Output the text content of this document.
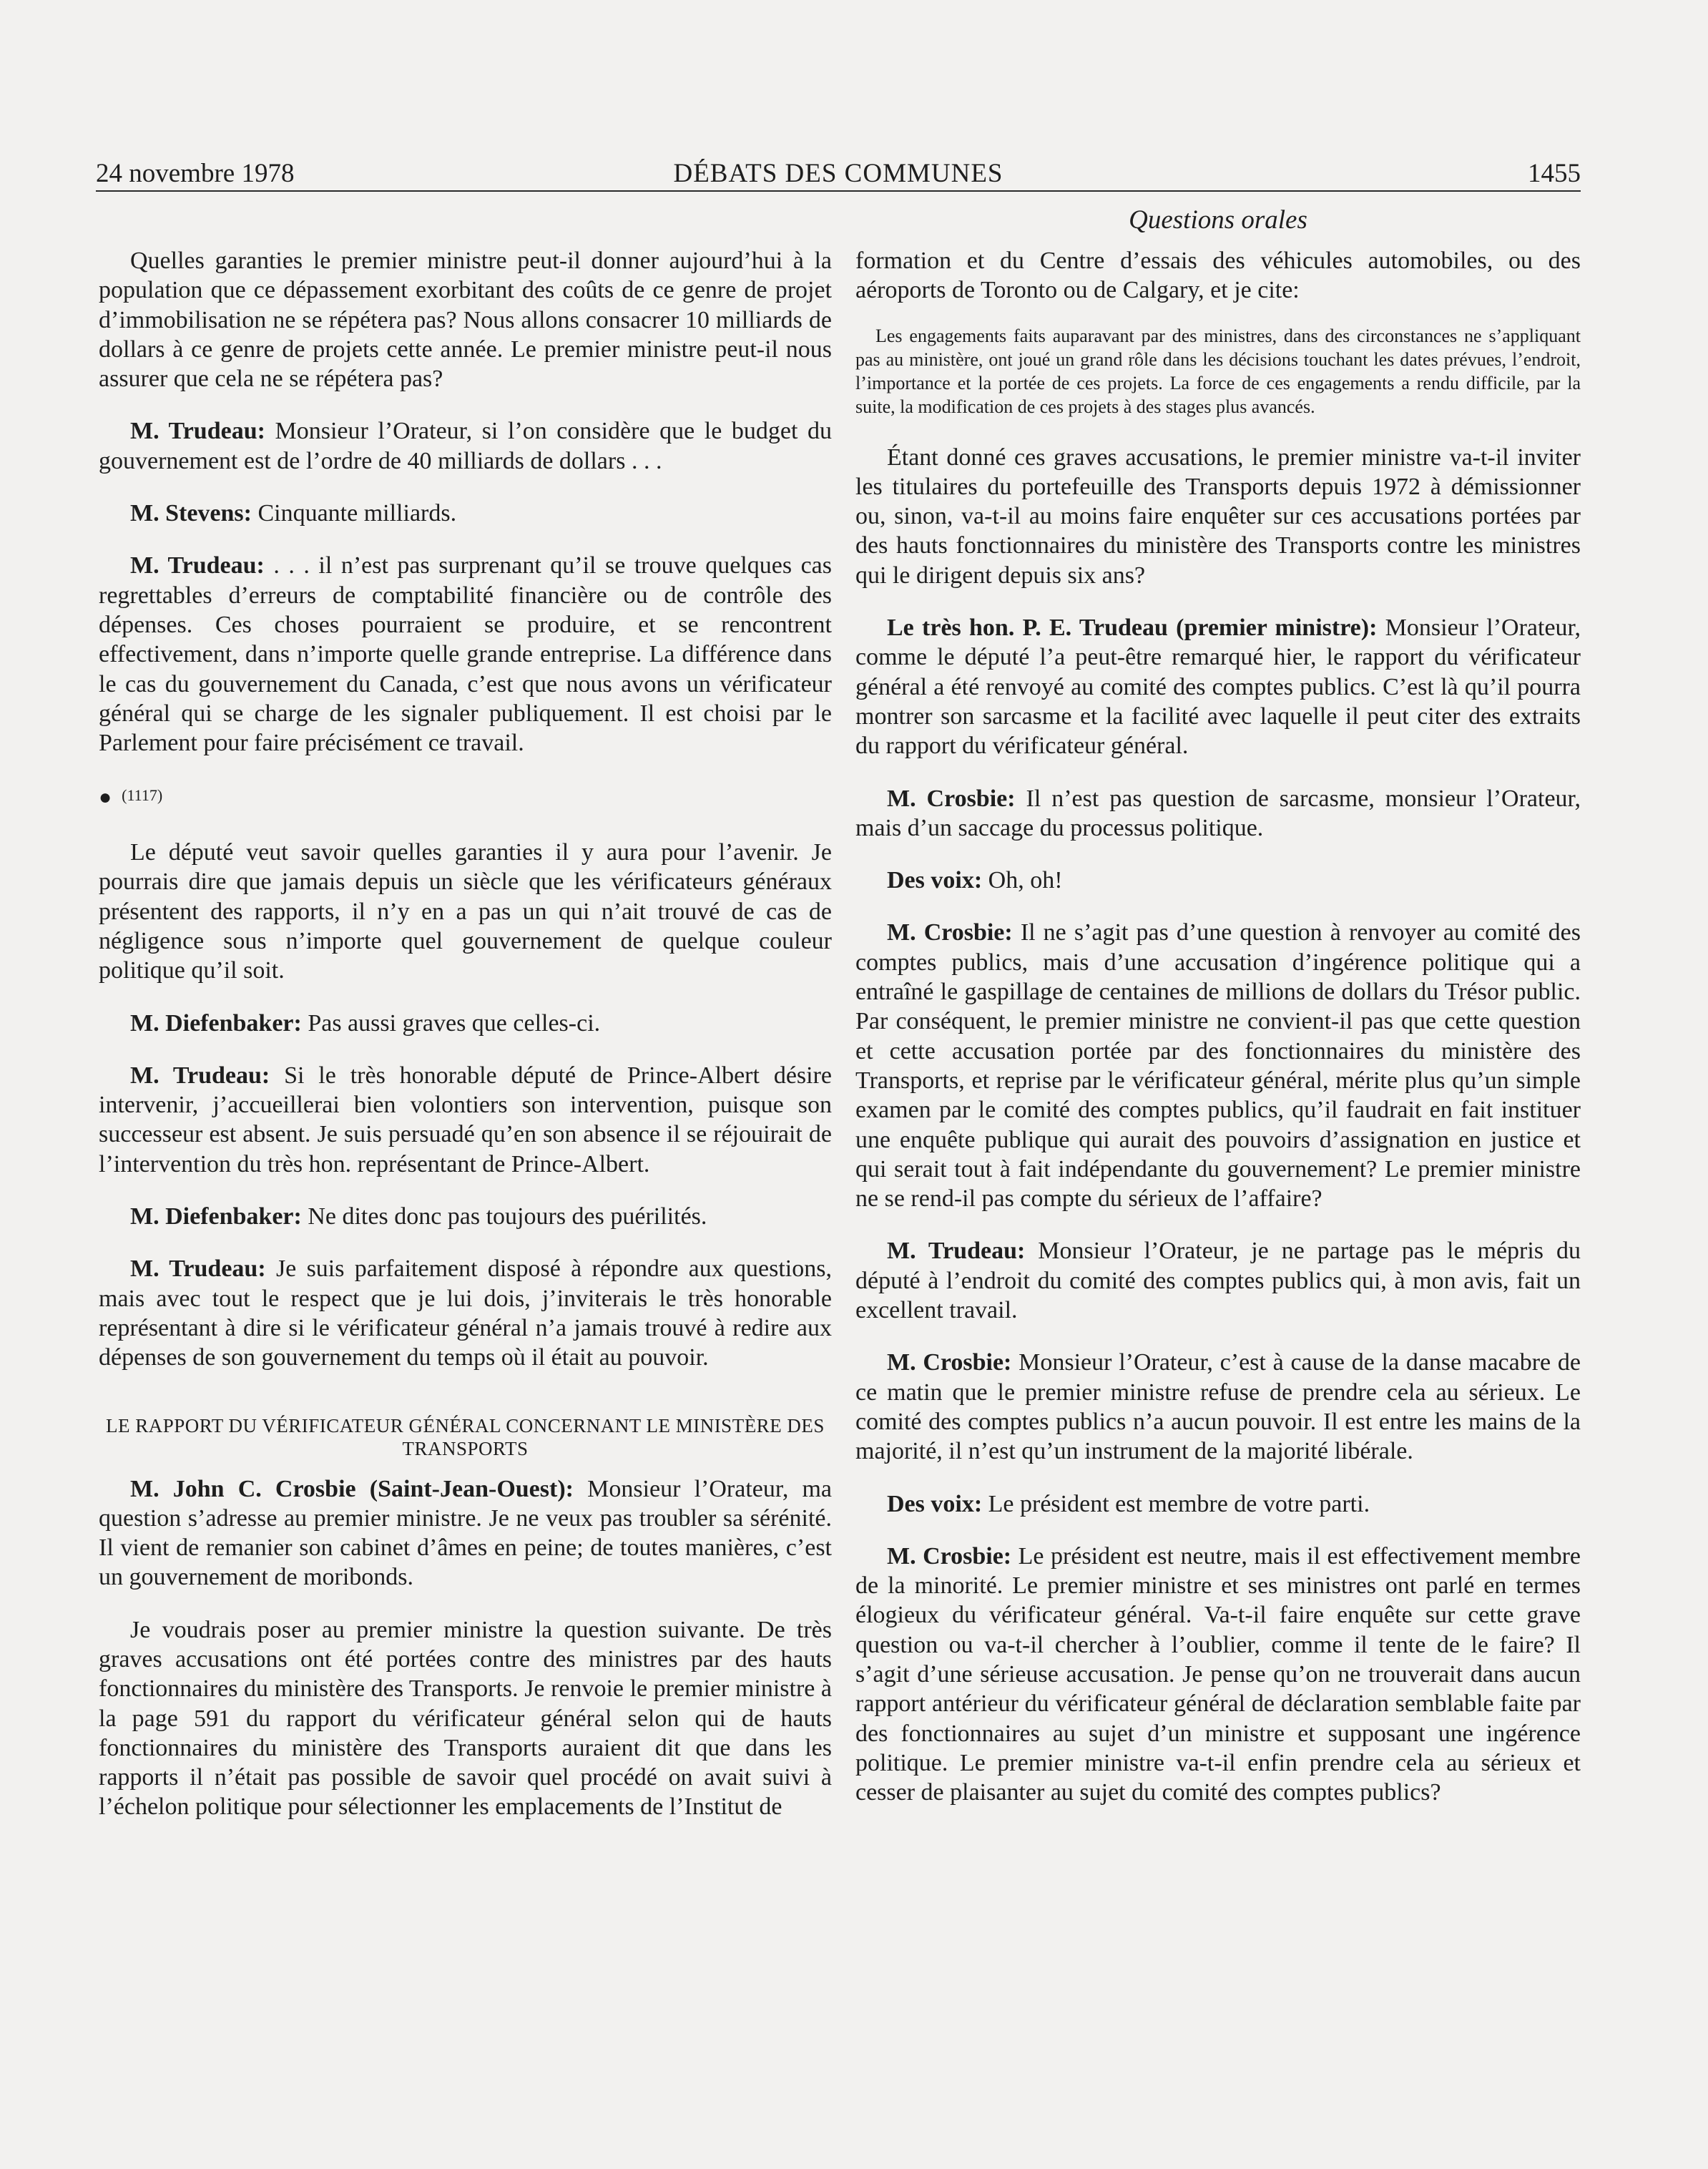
24 novembre 1978	DÉBATS DES COMMUNES	1455
Questions orales

Quelles garanties le premier ministre peut-il donner aujourd’hui à la population que ce dépassement exorbitant des coûts de ce genre de projet d’immobilisation ne se répétera pas? Nous allons consacrer 10 milliards de dollars à ce genre de projets cette année. Le premier ministre peut-il nous assurer que cela ne se répétera pas?

M. Trudeau: Monsieur l’Orateur, si l’on considère que le budget du gouvernement est de l’ordre de 40 milliards de dollars . . .

M. Stevens: Cinquante milliards.

M. Trudeau: . . . il n’est pas surprenant qu’il se trouve quelques cas regrettables d’erreurs de comptabilité financière ou de contrôle des dépenses. Ces choses pourraient se produire, et se rencontrent effectivement, dans n’importe quelle grande entreprise. La différence dans le cas du gouvernement du Canada, c’est que nous avons un vérificateur général qui se charge de les signaler publiquement. Il est choisi par le Parlement pour faire précisément ce travail.

● (1117)

Le député veut savoir quelles garanties il y aura pour l’avenir. Je pourrais dire que jamais depuis un siècle que les vérificateurs généraux présentent des rapports, il n’y en a pas un qui n’ait trouvé de cas de négligence sous n’importe quel gouvernement de quelque couleur politique qu’il soit.

M. Diefenbaker: Pas aussi graves que celles-ci.

M. Trudeau: Si le très honorable député de Prince-Albert désire intervenir, j’accueillerai bien volontiers son intervention, puisque son successeur est absent. Je suis persuadé qu’en son absence il se réjouirait de l’intervention du très hon. représentant de Prince-Albert.

M. Diefenbaker: Ne dites donc pas toujours des puérilités.

M. Trudeau: Je suis parfaitement disposé à répondre aux questions, mais avec tout le respect que je lui dois, j’inviterais le très honorable représentant à dire si le vérificateur général n’a jamais trouvé à redire aux dépenses de son gouvernement du temps où il était au pouvoir.

LE RAPPORT DU VÉRIFICATEUR GÉNÉRAL CONCERNANT LE MINISTÈRE DES TRANSPORTS

M. John C. Crosbie (Saint-Jean-Ouest): Monsieur l’Orateur, ma question s’adresse au premier ministre. Je ne veux pas troubler sa sérénité. Il vient de remanier son cabinet d’âmes en peine; de toutes manières, c’est un gouvernement de moribonds.

Je voudrais poser au premier ministre la question suivante. De très graves accusations ont été portées contre des ministres par des hauts fonctionnaires du ministère des Transports. Je renvoie le premier ministre à la page 591 du rapport du vérificateur général selon qui de hauts fonctionnaires du ministère des Transports auraient dit que dans les rapports il n’était pas possible de savoir quel procédé on avait suivi à l’échelon politique pour sélectionner les emplacements de l’Institut de

formation et du Centre d’essais des véhicules automobiles, ou des aéroports de Toronto ou de Calgary, et je cite:

Les engagements faits auparavant par des ministres, dans des circonstances ne s’appliquant pas au ministère, ont joué un grand rôle dans les décisions touchant les dates prévues, l’endroit, l’importance et la portée de ces projets. La force de ces engagements a rendu difficile, par la suite, la modification de ces projets à des stages plus avancés.

Étant donné ces graves accusations, le premier ministre va-t-il inviter les titulaires du portefeuille des Transports depuis 1972 à démissionner ou, sinon, va-t-il au moins faire enquêter sur ces accusations portées par des hauts fonctionnaires du ministère des Transports contre les ministres qui le dirigent depuis six ans?

Le très hon. P. E. Trudeau (premier ministre): Monsieur l’Orateur, comme le député l’a peut-être remarqué hier, le rapport du vérificateur général a été renvoyé au comité des comptes publics. C’est là qu’il pourra montrer son sarcasme et la facilité avec laquelle il peut citer des extraits du rapport du vérificateur général.

M. Crosbie: Il n’est pas question de sarcasme, monsieur l’Orateur, mais d’un saccage du processus politique.

Des voix: Oh, oh!

M. Crosbie: Il ne s’agit pas d’une question à renvoyer au comité des comptes publics, mais d’une accusation d’ingérence politique qui a entraîné le gaspillage de centaines de millions de dollars du Trésor public. Par conséquent, le premier ministre ne convient-il pas que cette question et cette accusation portée par des fonctionnaires du ministère des Transports, et reprise par le vérificateur général, mérite plus qu’un simple examen par le comité des comptes publics, qu’il faudrait en fait instituer une enquête publique qui aurait des pouvoirs d’assignation en justice et qui serait tout à fait indépendante du gouvernement? Le premier ministre ne se rend-il pas compte du sérieux de l’affaire?

M. Trudeau: Monsieur l’Orateur, je ne partage pas le mépris du député à l’endroit du comité des comptes publics qui, à mon avis, fait un excellent travail.

M. Crosbie: Monsieur l’Orateur, c’est à cause de la danse macabre de ce matin que le premier ministre refuse de prendre cela au sérieux. Le comité des comptes publics n’a aucun pouvoir. Il est entre les mains de la majorité, il n’est qu’un instrument de la majorité libérale.

Des voix: Le président est membre de votre parti.

M. Crosbie: Le président est neutre, mais il est effectivement membre de la minorité. Le premier ministre et ses ministres ont parlé en termes élogieux du vérificateur général. Va-t-il faire enquête sur cette grave question ou va-t-il chercher à l’oublier, comme il tente de le faire? Il s’agit d’une sérieuse accusation. Je pense qu’on ne trouverait dans aucun rapport antérieur du vérificateur général de déclaration semblable faite par des fonctionnaires au sujet d’un ministre et supposant une ingérence politique. Le premier ministre va-t-il enfin prendre cela au sérieux et cesser de plaisanter au sujet du comité des comptes publics?
